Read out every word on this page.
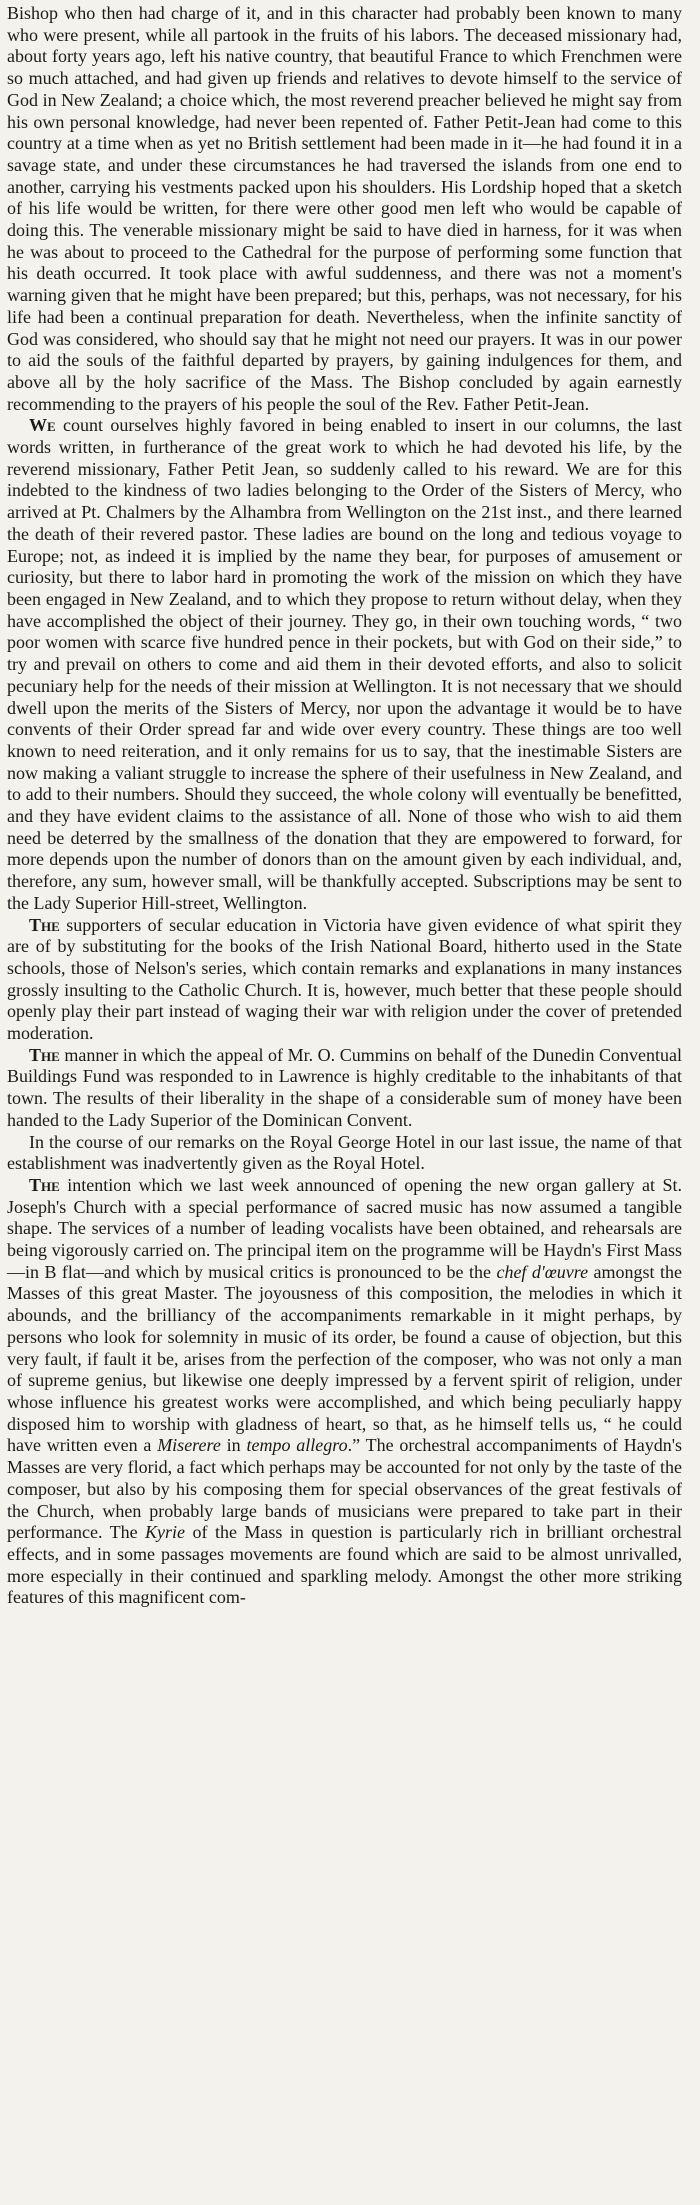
Bishop who then had charge of it, and in this character had probably been known to many who were present, while all partook in the fruits of his labors. The deceased missionary had, about forty years ago, left his native country, that beautiful France to which Frenchmen were so much attached, and had given up friends and relatives to devote himself to the service of God in New Zealand; a choice which, the most reverend preacher believed he might say from his own personal knowledge, had never been repented of. Father Petit-Jean had come to this country at a time when as yet no British settlement had been made in it—he had found it in a savage state, and under these circumstances he had traversed the islands from one end to another, carrying his vestments packed upon his shoulders. His Lordship hoped that a sketch of his life would be written, for there were other good men left who would be capable of doing this. The venerable missionary might be said to have died in harness, for it was when he was about to proceed to the Cathedral for the purpose of performing some function that his death occurred. It took place with awful suddenness, and there was not a moment's warning given that he might have been prepared; but this, perhaps, was not necessary, for his life had been a continual preparation for death. Nevertheless, when the infinite sanctity of God was considered, who should say that he might not need our prayers. It was in our power to aid the souls of the faithful departed by prayers, by gaining indulgences for them, and above all by the holy sacrifice of the Mass. The Bishop concluded by again earnestly recommending to the prayers of his people the soul of the Rev. Father Petit-Jean.

We count ourselves highly favored in being enabled to insert in our columns, the last words written, in furtherance of the great work to which he had devoted his life, by the reverend missionary, Father Petit Jean, so suddenly called to his reward. We are for this indebted to the kindness of two ladies belonging to the Order of the Sisters of Mercy, who arrived at Pt. Chalmers by the Alhambra from Wellington on the 21st inst., and there learned the death of their revered pastor. These ladies are bound on the long and tedious voyage to Europe; not, as indeed it is implied by the name they bear, for purposes of amusement or curiosity, but there to labor hard in promoting the work of the mission on which they have been engaged in New Zealand, and to which they propose to return without delay, when they have accomplished the object of their journey. They go, in their own touching words, “ two poor women with scarce five hundred pence in their pockets, but with God on their side,” to try and prevail on others to come and aid them in their devoted efforts, and also to solicit pecuniary help for the needs of their mission at Wellington. It is not necessary that we should dwell upon the merits of the Sisters of Mercy, nor upon the advantage it would be to have convents of their Order spread far and wide over every country. These things are too well known to need reiteration, and it only remains for us to say, that the inestimable Sisters are now making a valiant struggle to increase the sphere of their usefulness in New Zealand, and to add to their numbers. Should they succeed, the whole colony will eventually be benefitted, and they have evident claims to the assistance of all. None of those who wish to aid them need be deterred by the smallness of the donation that they are empowered to forward, for more depends upon the number of donors than on the amount given by each individual, and, therefore, any sum, however small, will be thankfully accepted. Subscriptions may be sent to the Lady Superior Hill-street, Wellington.

The supporters of secular education in Victoria have given evidence of what spirit they are of by substituting for the books of the Irish National Board, hitherto used in the State schools, those of Nelson's series, which contain remarks and explanations in many instances grossly insulting to the Catholic Church. It is, however, much better that these people should openly play their part instead of waging their war with religion under the cover of pretended moderation.

The manner in which the appeal of Mr. O. Cummins on behalf of the Dunedin Conventual Buildings Fund was responded to in Lawrence is highly creditable to the inhabitants of that town. The results of their liberality in the shape of a considerable sum of money have been handed to the Lady Superior of the Dominican Convent.

In the course of our remarks on the Royal George Hotel in our last issue, the name of that establishment was inadvertently given as the Royal Hotel.

The intention which we last week announced of opening the new organ gallery at St. Joseph's Church with a special performance of sacred music has now assumed a tangible shape. The services of a number of leading vocalists have been obtained, and rehearsals are being vigorously carried on. The principal item on the programme will be Haydn's First Mass—in B flat—and which by musical critics is pronounced to be the chef d'œuvre amongst the Masses of this great Master. The joyousness of this composition, the melodies in which it abounds, and the brilliancy of the accompaniments remarkable in it might perhaps, by persons who look for solemnity in music of its order, be found a cause of objection, but this very fault, if fault it be, arises from the perfection of the composer, who was not only a man of supreme genius, but likewise one deeply impressed by a fervent spirit of religion, under whose influence his greatest works were accomplished, and which being peculiarly happy disposed him to worship with gladness of heart, so that, as he himself tells us, “ he could have written even a Miserere in tempo allegro.” The orchestral accompaniments of Haydn's Masses are very florid, a fact which perhaps may be accounted for not only by the taste of the composer, but also by his composing them for special observances of the great festivals of the Church, when probably large bands of musicians were prepared to take part in their performance. The Kyrie of the Mass in question is particularly rich in brilliant orchestral effects, and in some passages movements are found which are said to be almost unrivalled, more especially in their continued and sparkling melody. Amongst the other more striking features of this magnificent com-
